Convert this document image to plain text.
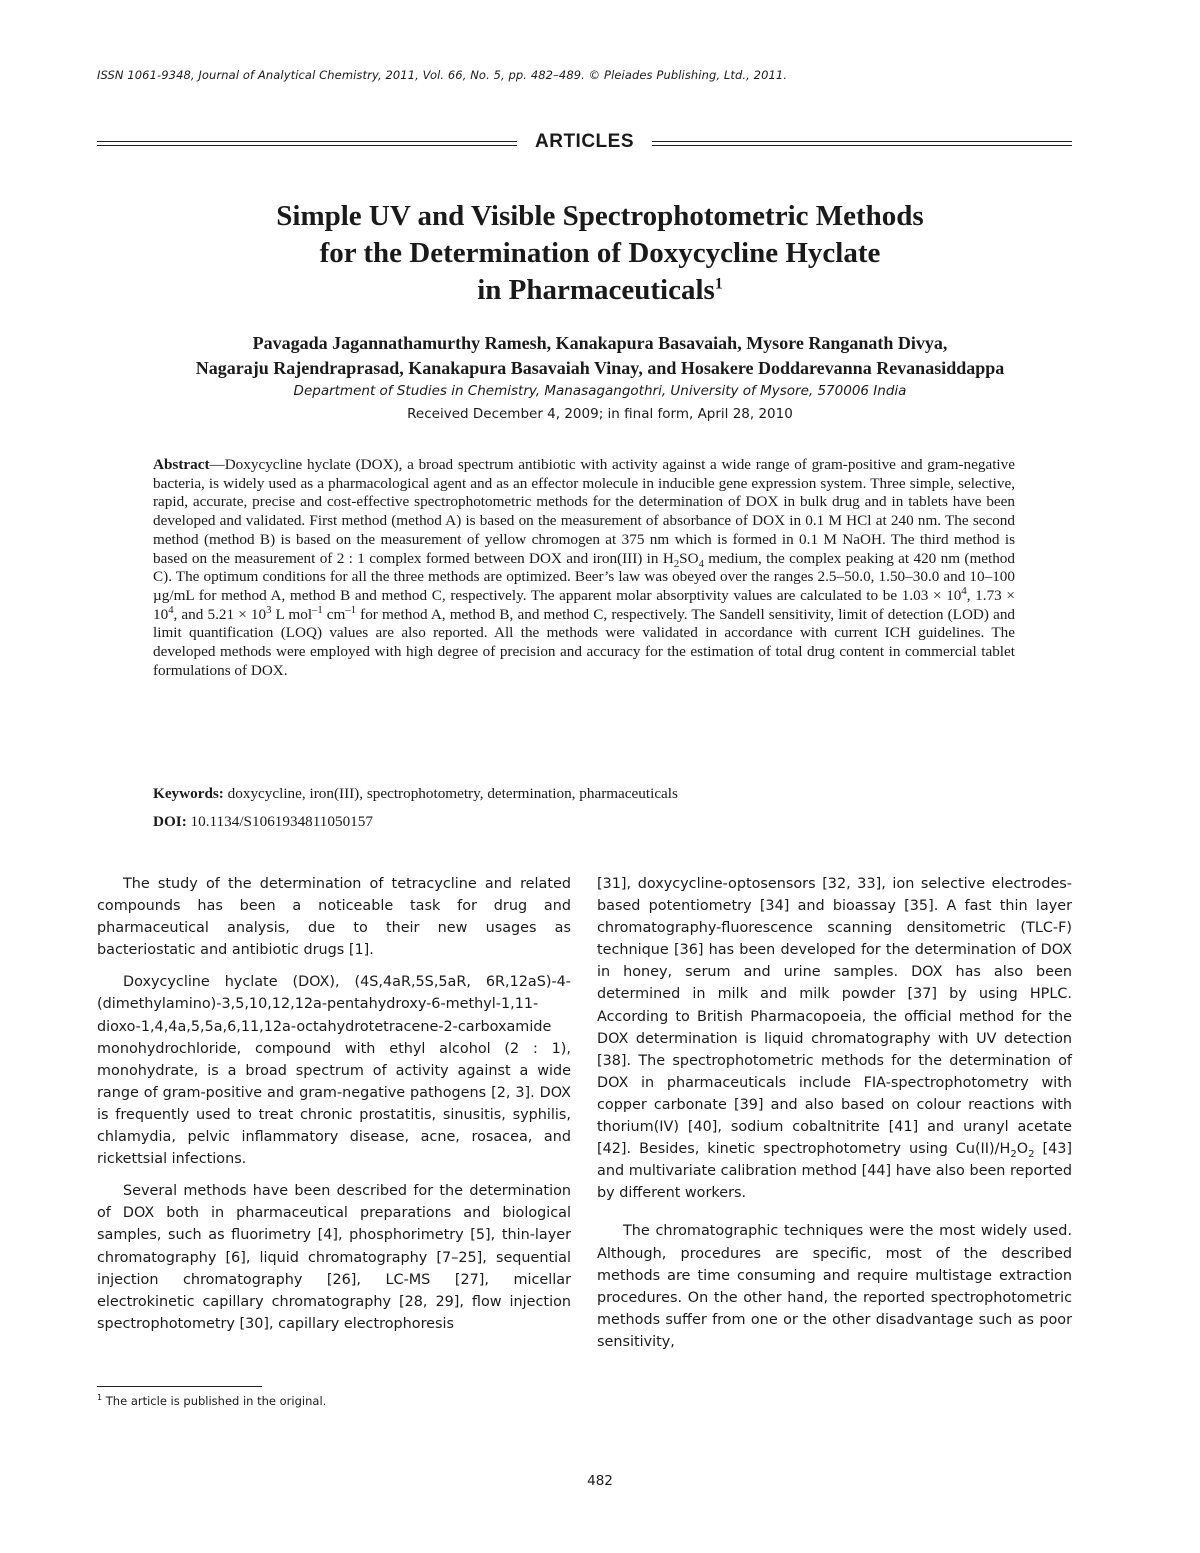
ISSN 1061-9348, Journal of Analytical Chemistry, 2011, Vol. 66, No. 5, pp. 482–489. © Pleiades Publishing, Ltd., 2011.
ARTICLES
Simple UV and Visible Spectrophotometric Methods
for the Determination of Doxycycline Hyclate
in Pharmaceuticals$^1$
Pavagada Jagannathamurthy Ramesh, Kanakapura Basavaiah, Mysore Ranganath Divya,
Nagaraju Rajendraprasad, Kanakapura Basavaiah Vinay, and Hosakere Doddarevanna Revanasiddappa
Department of Studies in Chemistry, Manasagangothri, University of Mysore, 570006 India
Received December 4, 2009; in final form, April 28, 2010
Abstract—Doxycycline hyclate (DOX), a broad spectrum antibiotic with activity against a wide range of gram-positive and gram-negative bacteria, is widely used as a pharmacological agent and as an effector molecule in inducible gene expression system. Three simple, selective, rapid, accurate, precise and cost-effective spectrophotometric methods for the determination of DOX in bulk drug and in tablets have been developed and validated. First method (method A) is based on the measurement of absorbance of DOX in 0.1 M HCl at 240 nm. The second method (method B) is based on the measurement of yellow chromogen at 375 nm which is formed in 0.1 M NaOH. The third method is based on the measurement of 2 : 1 complex formed between DOX and iron(III) in $H_2SO_4$ medium, the complex peaking at 420 nm (method C). The optimum conditions for all the three methods are optimized. Beer’s law was obeyed over the ranges 2.5–50.0, 1.50–30.0 and 10–100 µg/mL for method A, method B and method C, respectively. The apparent molar absorptivity values are calculated to be $1.03 \times 10^4$, $1.73 \times 10^4$, and $5.21 \times 10^3$ L mol$^{-1}$ $cm^{-1}$ for method A, method B, and method C, respectively. The Sandell sensitivity, limit of detection (LOD) and limit quantification (LOQ) values are also reported. All the methods were validated in accordance with current ICH guidelines. The developed methods were employed with high degree of precision and accuracy for the estimation of total drug content in commercial tablet formulations of DOX.
Keywords: doxycycline, iron(III), spectrophotometry, determination, pharmaceuticals
DOI: 10.1134/S1061934811050157

The study of the determination of tetracycline and related compounds has been a noticeable task for drug and pharmaceutical analysis, due to their new usages as bacteriostatic and antibiotic drugs [1].

Doxycycline hyclate (DOX), (4S,4aR,5S,5aR, 6R,12aS)-4-(dimethylamino)-3,5,10,12,12a-pentahydroxy-6-methyl-1,11-dioxo-1,4,4a,5,5a,6,11,12a-octahydrotetracene-2-carboxamide monohydrochloride, compound with ethyl alcohol (2 : 1), monohydrate, is a broad spectrum of activity against a wide range of gram-positive and gram-negative pathogens [2, 3]. DOX is frequently used to treat chronic prostatitis, sinusitis, syphilis, chlamydia, pelvic inflammatory disease, acne, rosacea, and rickettsial infections.

Several methods have been described for the determination of DOX both in pharmaceutical preparations and biological samples, such as fluorimetry [4], phosphorimetry [5], thin-layer chromatography [6], liquid chromatography [7–25], sequential injection chromatography [26], LC-MS [27], micellar electrokinetic capillary chromatography [28, 29], flow injection spectrophotometry [30], capillary electrophoresis

[31], doxycycline-optosensors [32, 33], ion selective electrodes-based potentiometry [34] and bioassay [35]. A fast thin layer chromatography-fluorescence scanning densitometric (TLC-F) technique [36] has been developed for the determination of DOX in honey, serum and urine samples. DOX has also been determined in milk and milk powder [37] by using HPLC. According to British Pharmacopoeia, the official method for the DOX determination is liquid chromatography with UV detection [38]. The spectrophotometric methods for the determination of DOX in pharmaceuticals include FIA-spectrophotometry with copper carbonate [39] and also based on colour reactions with thorium(IV) [40], sodium cobaltnitrite [41] and uranyl acetate [42]. Besides, kinetic spectrophotometry using $Cu(II)/H_2O_2$ [43] and multivariate calibration method [44] have also been reported by different workers.

The chromatographic techniques were the most widely used. Although, procedures are specific, most of the described methods are time consuming and require multistage extraction procedures. On the other hand, the reported spectrophotometric methods suffer from one or the other disadvantage such as poor sensitivity,

$^1$ The article is published in the original.
482
